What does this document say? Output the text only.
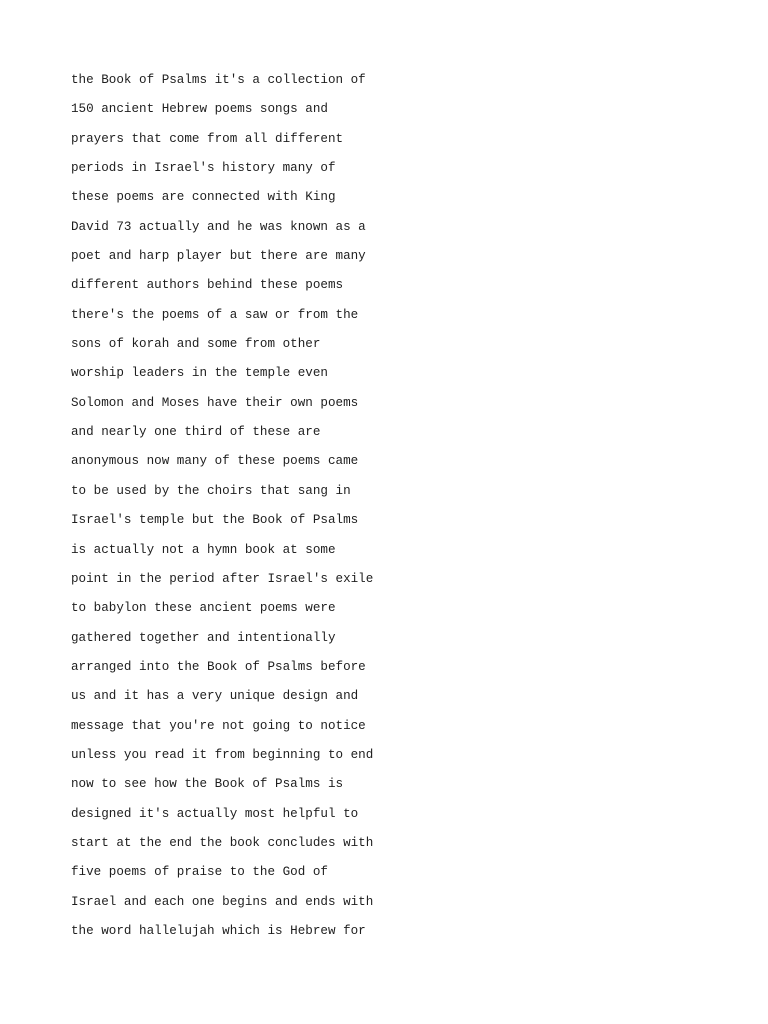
the Book of Psalms it's a collection of
150 ancient Hebrew poems songs and
prayers that come from all different
periods in Israel's history many of
these poems are connected with King
David 73 actually and he was known as a
poet and harp player but there are many
different authors behind these poems
there's the poems of a saw or from the
sons of korah and some from other
worship leaders in the temple even
Solomon and Moses have their own poems
and nearly one third of these are
anonymous now many of these poems came
to be used by the choirs that sang in
Israel's temple but the Book of Psalms
is actually not a hymn book at some
point in the period after Israel's exile
to babylon these ancient poems were
gathered together and intentionally
arranged into the Book of Psalms before
us and it has a very unique design and
message that you're not going to notice
unless you read it from beginning to end
now to see how the Book of Psalms is
designed it's actually most helpful to
start at the end the book concludes with
five poems of praise to the God of
Israel and each one begins and ends with
the word hallelujah which is Hebrew for
